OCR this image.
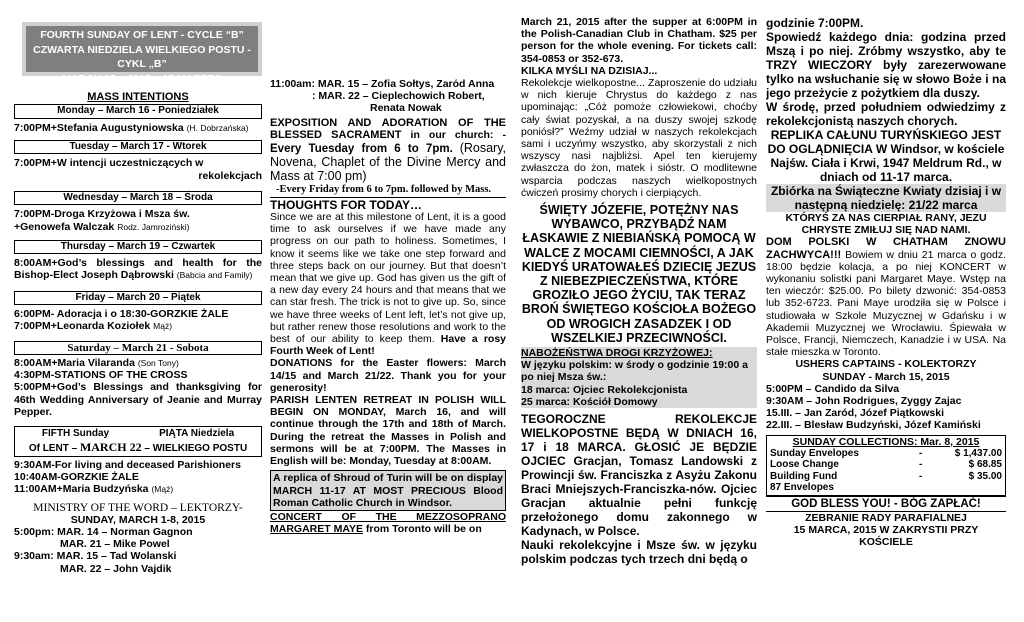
FOURTH SUNDAY OF LENT - CYCLE “B”
CZWARTA NIEDZIELA WIELKIEGO POSTU - CYKL „B”
MARCH 15 – 2015 – 15 MARZEC

MASS INTENTIONS

Monday – March 16 - Poniedziałek

7:00PM+Stefania Augustyniowska (H. Dobrzańska)

Tuesday – March 17 - Wtorek

7:00PM+W intencji uczestniczących w

rekolekcjach

Wednesday – March 18 – Środa

7:00PM-Droga Krzyżowa i Msza św.

+Genowefa Walczak Rodz. Jamroziński)

Thursday – March 19 – Czwartek

8:00AM+God’s blessings and health for the Bishop-Elect Joseph Dąbrowski (Babcia and Family)

Friday – March 20 – Piątek

6:00PM- Adoracja i o 18:30-GORZKIE ŻALE

7:00PM+Leonarda Koziołek Mąż)

Saturday – March 21 - Sobota

8:00AM+Maria Vilaranda (Son Tony)

4:30PM-STATIONS OF THE CROSS

5:00PM+God’s Blessings and thanksgiving for 46th Wedding Anniversary of Jeanie and Murray Pepper.

FIFTH Sunday	PIĄTA Niedziela
Of LENT – MARCH 22 – WIELKIEGO POSTU

9:30AM-For living and deceased Parishioners

10:40AM-GORZKIE ŻALE

11:00AM+Maria Budzyńska (Mąż)

MINISTRY OF THE WORD – LEKTORZY-

SUNDAY, MARCH 1-8, 2015

5:00pm: MAR. 14 – Norman Gagnon

MAR. 21 – Mike Powel

9:30am: MAR. 15 – Tad Wolanski

MAR. 22 – John Vajdik

11:00am: MAR. 15 – Zofia Sołtys, Zarόd Anna

: MAR. 22 – Cieplechowich Robert,

Renata Nowak

EXPOSITION AND ADORATION OF THE BLESSED SACRAMENT in our church: - Every Tuesday from 6 to 7pm. (Rosary, Novena, Chaplet of the Divine Mercy and Mass at 7:00 pm)

-Every Friday from 6 to 7pm. followed by Mass.

THOUGHTS FOR TODAY…

Since we are at this milestone of Lent, it is a good time to ask ourselves if we have made any progress on our path to holiness. Sometimes, I know it seems like we take one step forward and three steps back on our journey. But that doesn’t mean that we give up. God has given us the gift of a new day every 24 hours and that means that we can star fresh. The trick is not to give up. So, since we have three weeks of Lent left, let’s not give up, but rather renew those resolutions and work to the best of our ability to keep them. Have a rosy Fourth Week of Lent!

DONATIONS for the Easter flowers: March 14/15 and March 21/22. Thank you for your generosity!

PARISH LENTEN RETREAT IN POLISH WILL BEGIN ON MONDAY, March 16, and will continue through the 17th and 18th of March. During the retreat the Masses in Polish and sermons will be at 7:00PM. The Masses in English will be: Monday, Tuesday at 8:00AM.

A replica of Shroud of Turin will be on display MARCH 11-17 AT MOST PRECIOUS Blood Roman Catholic Church in Windsor.

CONCERT OF THE MEZZOSOPRANO MARGARET MAYE from Toronto will be on

March 21, 2015 after the supper at 6:00PM in the Polish-Canadian Club in Chatham. $25 per person for the whole evening. For tickets call: 354-0853 or 352-673.

KILKA MYŚLI NA DZISIAJ...

Rekolekcje wielkopostne... Zaproszenie do udziału w nich kieruje Chrystus do każdego z nas upominając: „Cóż pomoże człowiekowi, choćby cały świat pozyskał, a na duszy swojej szkodę poniósł?” Weźmy udział w naszych rekolekcjach sami i uczyńmy wszystko, aby skorzystali z nich wszyscy nasi najbliżsi. Apel ten kierujemy zwłaszcza do żon, matek i sióstr. O modlitewne wsparcia podczas naszych wielkopostnych ćwiczeń prosimy chorych i cierpiących.

ŚWIĘTY JÓZEFIE, POTĘŻNY NAS WYBAWCO, PRZYBĄDŹ NAM ŁASKAWIE Z NIEBIAŃSKĄ POMOCĄ W WALCE Z MOCAMI CIEMNOŚCI, A JAK KIEDYŚ URATOWAŁEŚ DZIECIĘ JEZUS Z NIEBEZPIECZEŃSTWA, KTÓRE GROZIŁO JEGO ŻYCIU, TAK TERAZ BROŃ ŚWIĘTEGO KOŚCIOŁA BOŻEGO OD WROGICH ZASADZEK I OD WSZELKIEJ PRZECIWNOŚCI.

NABOŻEŃSTWA DROGI KRZYŻOWEJ:

W języku polskim: w środy o godzinie 19:00 a po niej Msza św.:

18 marca: Ojciec Rekolekcjonista

25 marca: Kościół Domowy

TEGOROCZNE REKOLEKCJE WIELKOPOSTNE BĘDĄ W DNIACH 16, 17 i 18 MARCA. GŁOSIĆ JE BĘDZIE OJCIEC Gracjan, Tomasz Landowski z Prowincji św. Franciszka z Asyżu Zakonu Braci Mniejszych-Franciszka-nów. Ojciec Gracjan aktualnie pełni funkcję przełożonego domu zakonnego w Kadynach, w Polsce.

Nauki rekolekcyjne i Msze św. w języku polskim podczas tych trzech dni będą o

godzinie 7:00PM.

Spowiedź każdego dnia: godzina przed Mszą i po niej. Zróbmy wszystko, aby te TRZY WIECZORY były zarezerwowane tylko na wsłuchanie się w słowo Boże i na jego przeżycie z pożytkiem dla duszy.

W środę, przed południem odwiedzimy z rekolekcjonistą naszych chorych.

REPLIKA CAŁUNU TURYŃSKIEGO JEST DO OGLĄDNIĘCIA W Windsor, w kościele Najśw. Ciała i Krwi, 1947 Meldrum Rd., w dniach od 11-17 marca.

Zbiórka na Świąteczne Kwiaty dzisiaj i w następną niedzielę: 21/22 marca

KTÓRYŚ ZA NAS CIERPIAŁ RANY, JEZU CHRYSTE ZMIŁUJ SIĘ NAD NAMI.

DOM POLSKI W CHATHAM ZNOWU ZACHWYCA!!! Bowiem w dniu 21 marca o godz. 18:00 będzie kolacja, a po niej KONCERT w wykonaniu solistki pani Margaret Maye. Wstęp na ten wieczór: $25.00. Po bilety dzwonić: 354-0853 lub 352-6723. Pani Maye urodziła się w Polsce i studiowała w Szkole Muzycznej w Gdańsku i w Akademii Muzycznej we Wrocławiu. Śpiewała w Polsce, Francji, Niemczech, Kanadzie i w USA. Na stałe mieszka w Toronto.

USHERS CAPTAINS - KOLEKTORZY

SUNDAY - March 15, 2015

5:00PM – Candido da Silva

9:30AM – John Rodrigues, Zyggy Zajac

15.III. – Jan Zaród, Józef Piątkowski

22.III. – Blesław Budzyński, Józef Kamiński

SUNDAY COLLECTIONS: Mar. 8, 2015

Sunday Envelopes	-	$ 1,437.00
Loose Change	-	$ 68.85
Building Fund	-	$ 35.00

87 Envelopes

GOD BLESS YOU! - BÓG ZAPŁAĆ!

ZEBRANIE RADY PARAFIALNEJ

15 MARCA, 2015 W ZAKRYSTII PRZY

KOŚCIELE
